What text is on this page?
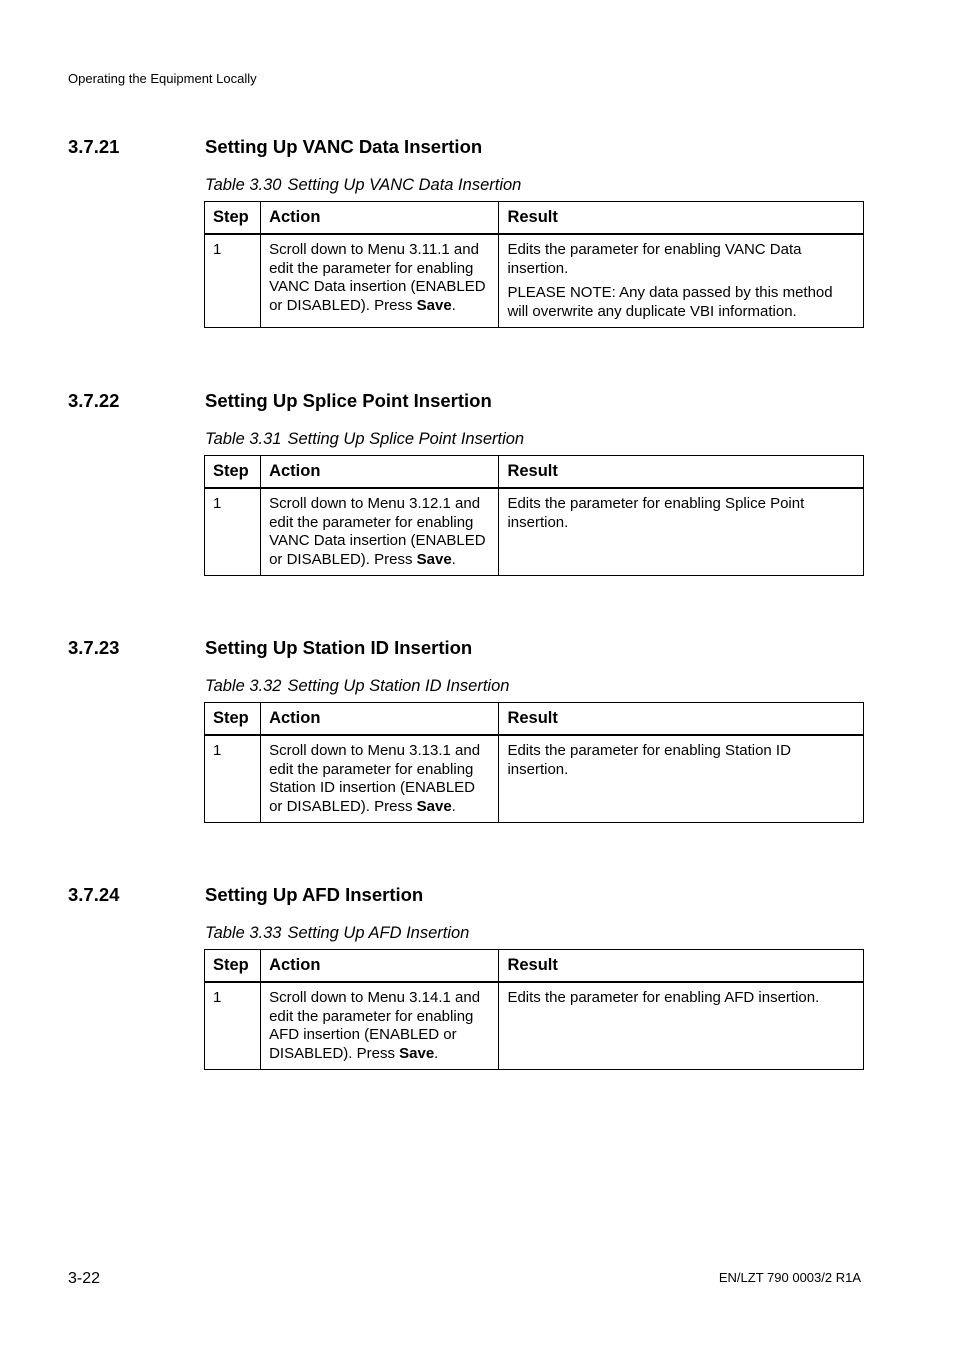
Operating the Equipment Locally
3.7.21	Setting Up VANC Data Insertion
Table 3.30 Setting Up VANC Data Insertion
Step	Action	Result
1	Scroll down to Menu 3.11.1 and edit the parameter for enabling VANC Data insertion (ENABLED or DISABLED). Press Save.	Edits the parameter for enabling VANC Data insertion.

PLEASE NOTE: Any data passed by this method will overwrite any duplicate VBI information.

3.7.22	Setting Up Splice Point Insertion
Table 3.31 Setting Up Splice Point Insertion
Step	Action	Result
1	Scroll down to Menu 3.12.1 and edit the parameter for enabling VANC Data insertion (ENABLED or DISABLED). Press Save.	Edits the parameter for enabling Splice Point insertion.

3.7.23	Setting Up Station ID Insertion
Table 3.32 Setting Up Station ID Insertion
Step	Action	Result
1	Scroll down to Menu 3.13.1 and edit the parameter for enabling Station ID insertion (ENABLED or DISABLED). Press Save.	Edits the parameter for enabling Station ID insertion.

3.7.24	Setting Up AFD Insertion
Table 3.33 Setting Up AFD Insertion
Step	Action	Result
1	Scroll down to Menu 3.14.1 and edit the parameter for enabling AFD insertion (ENABLED or DISABLED). Press Save.	Edits the parameter for enabling AFD insertion.

3-22	EN/LZT 790 0003/2 R1A
